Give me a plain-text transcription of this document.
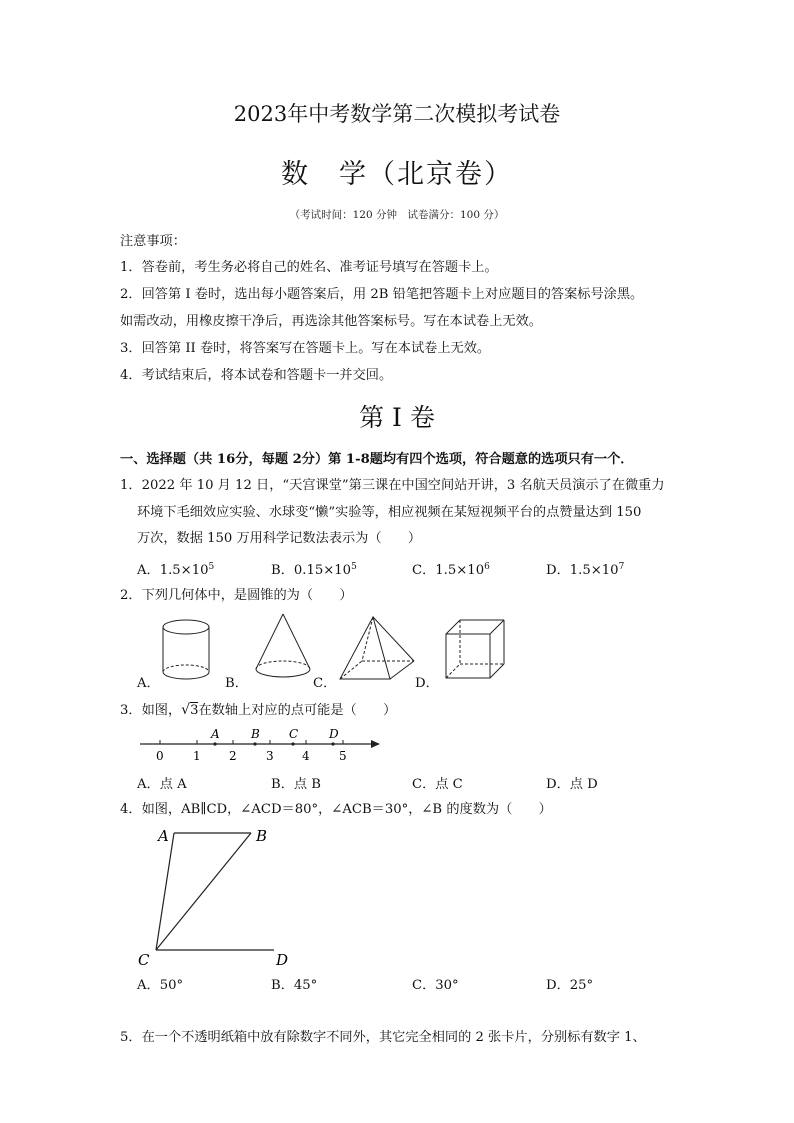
2023年中考数学第二次模拟考试卷
数　学（北京卷）
（考试时间：120 分钟　试卷满分：100 分）
注意事项：
1．答卷前，考生务必将自己的姓名、准考证号填写在答题卡上。
2．回答第 I 卷时，选出每小题答案后，用 2B 铅笔把答题卡上对应题目的答案标号涂黑。
如需改动，用橡皮擦干净后，再选涂其他答案标号。写在本试卷上无效。
3．回答第 II 卷时，将答案写在答题卡上。写在本试卷上无效。
4．考试结束后，将本试卷和答题卡一并交回。
第 I 卷
一、选择题（共 16分，每题 2分）第 1-8题均有四个选项，符合题意的选项只有一个．
1．2022 年 10 月 12 日，“天宫课堂”第三课在中国空间站开讲，3 名航天员演示了在微重力
环境下毛细效应实验、水球变“懒”实验等，相应视频在某短视频平台的点赞量达到 150
万次，数据 150 万用科学记数法表示为（　　）
A．$1.5\times 10^5$	B．$0.15\times 10^5$	C．$1.5\times 10^6$	D．$1.5\times 10^7$
2．下列几何体中，是圆锥的为（　　）
A．	B．	C．	D．
3．如图，√3在数轴上对应的点可能是（　　）
0 1 2 3 4 5
A	B C	D
A．点 A	B．点 B	C．点 C	D．点 D
4．如图，AB∥CD，∠ACD＝80°，∠ACB＝30°，∠B 的度数为（　　）
A	B
C	D
A．50°	B．45°	C．30°	D．25°
5．在一个不透明纸箱中放有除数字不同外，其它完全相同的 2 张卡片，分别标有数字 1、
